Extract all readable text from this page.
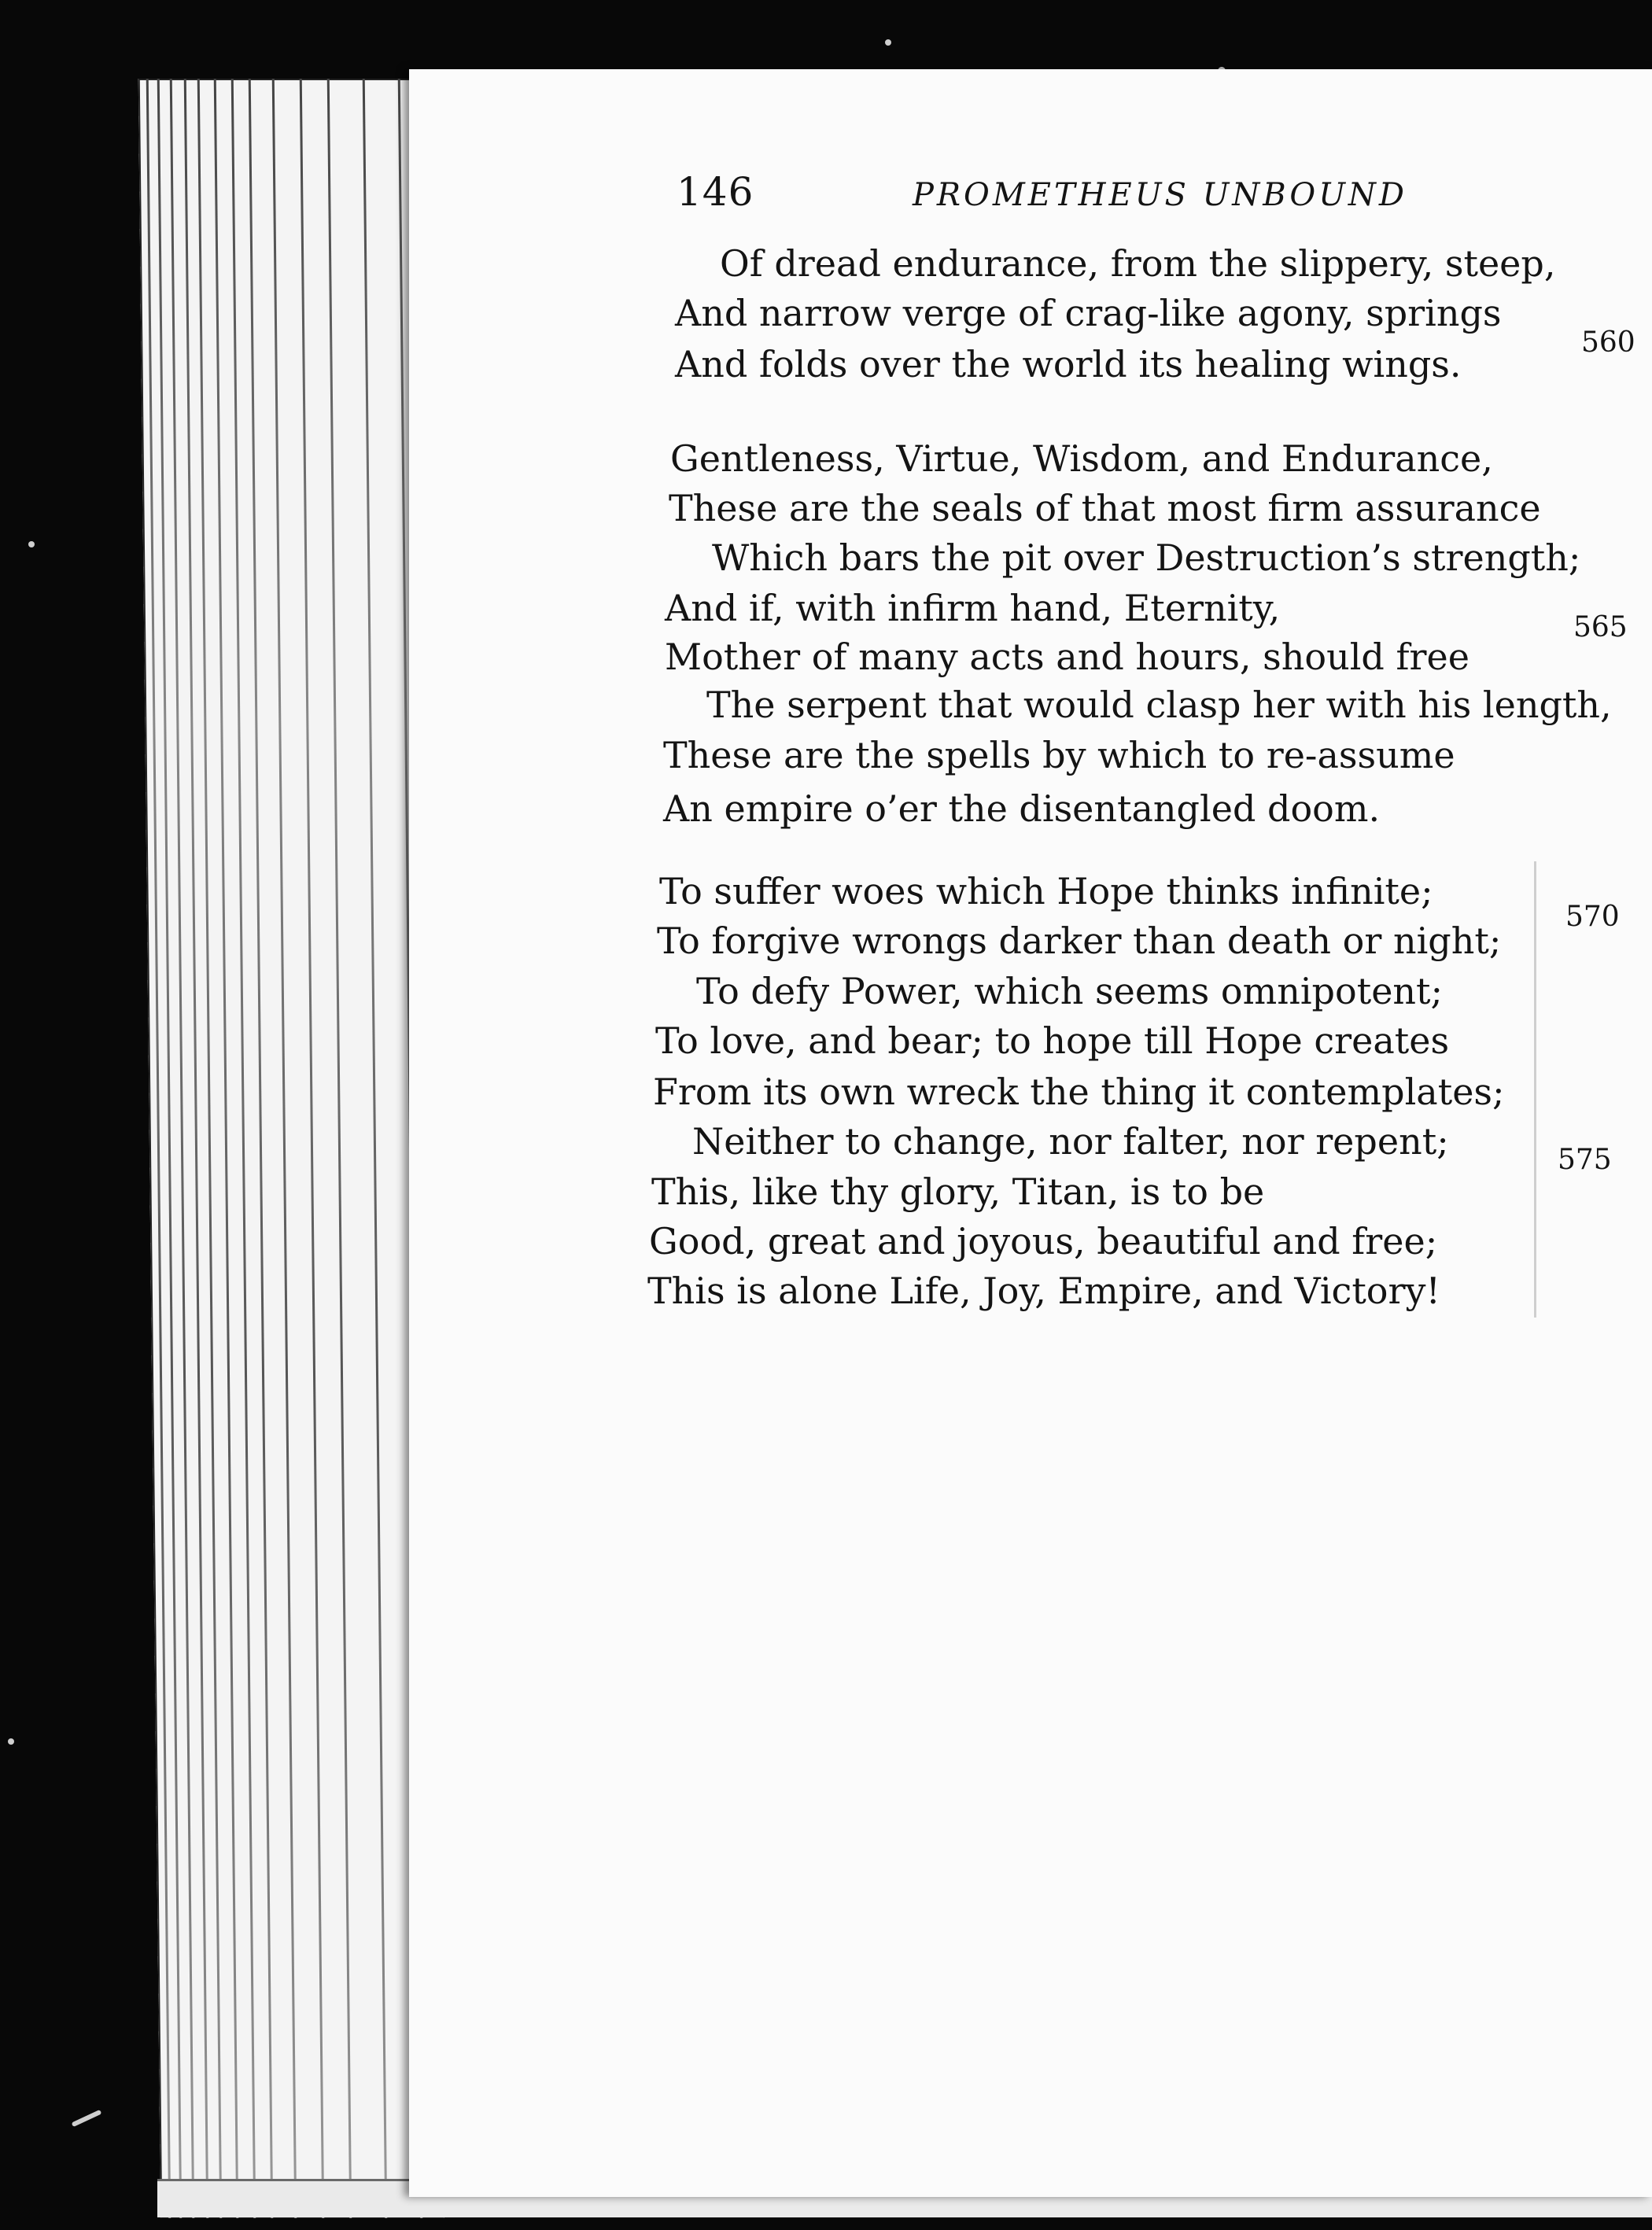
146	PROMETHEUS UNBOUND
Of dread endurance, from the slippery, steep,
And narrow verge of crag-like agony, springs
560
And folds over the world its healing wings.
Gentleness, Virtue, Wisdom, and Endurance,
These are the seals of that most firm assurance
Which bars the pit over Destruction’s strength;
And if, with infirm hand, Eternity,	565
Mother of many acts and hours, should free
The serpent that would clasp her with his length,
These are the spells by which to re-assume
An empire o’er the disentangled doom.
To suffer woes which Hope thinks infinite;
570
To forgive wrongs darker than death or night;
To defy Power, which seems omnipotent;
To love, and bear; to hope till Hope creates
From its own wreck the thing it contemplates;
Neither to change, nor falter, nor repent;	575
This, like thy glory, Titan, is to be
Good, great and joyous, beautiful and free;
This is alone Life, Joy, Empire, and Victory!
